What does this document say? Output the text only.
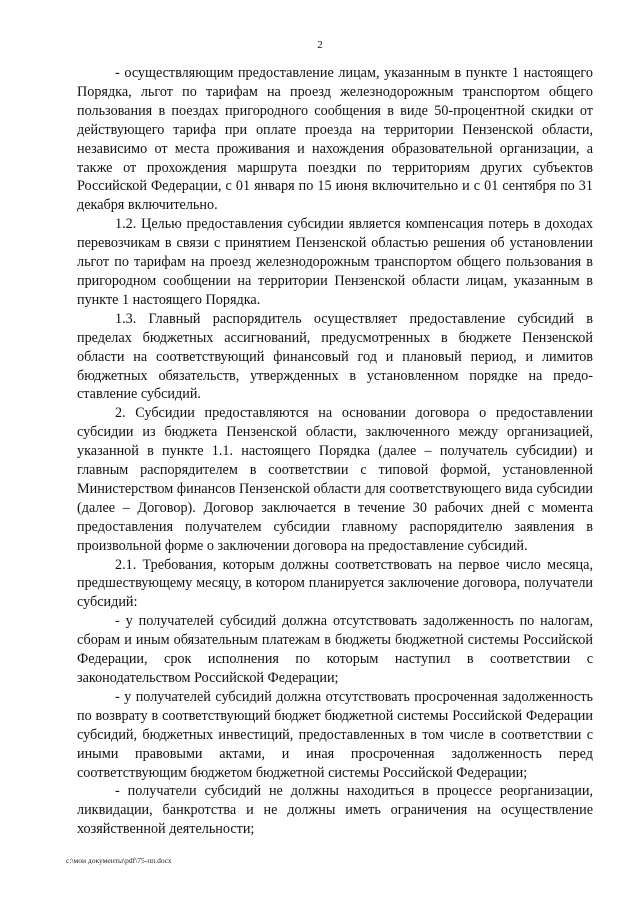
2

- осуществляющим предоставление лицам, указанным в пункте 1 настоящего Порядка, льгот по тарифам на проезд железнодорожным транспортом общего пользования в поездах пригородного сообщения в виде 50-процентной скидки от действующего тарифа при оплате проезда на территории Пензенской области, независимо от места проживания и нахождения образовательной организации, а также от прохождения маршрута поездки по территориям других субъектов Российской Федерации, с 01 января по 15 июня включительно и с 01 сентября по 31 декабря включительно.

1.2. Целью предоставления субсидии является компенсация потерь в доходах перевозчикам в связи с принятием Пензенской областью решения об установлении льгот по тарифам на проезд железнодорожным транспортом общего пользования в пригородном сообщении на территории Пензенской области лицам, указанным в пункте 1 настоящего Порядка.

1.3. Главный распорядитель осуществляет предоставление субсидий в пределах бюджетных ассигнований, предусмотренных в бюджете Пензенской области на соответствующий финансовый год и плановый период, и лимитов бюджетных обязательств, утвержденных в установленном порядке на предоставление субсидий.

2. Субсидии предоставляются на основании договора о предоставлении субсидии из бюджета Пензенской области, заключенного между организацией, указанной в пункте 1.1. настоящего Порядка (далее – получатель субсидии) и главным распорядителем в соответствии с типовой формой, установленной Министерством финансов Пензенской области для соответствующего вида субсидии (далее – Договор). Договор заключается в течение 30 рабочих дней с момента предоставления получателем субсидии главному распорядителю заявления в произвольной форме о заключении договора на предоставление субсидий.

2.1. Требования, которым должны соответствовать на первое число месяца, предшествующему месяцу, в котором планируется заключение договора, получатели субсидий:

- у получателей субсидий должна отсутствовать задолженность по налогам, сборам и иным обязательным платежам в бюджеты бюджетной системы Российской Федерации, срок исполнения по которым наступил в соответствии с законодательством Российской Федерации;

- у получателей субсидий должна отсутствовать просроченная задолженность по возврату в соответствующий бюджет бюджетной системы Российской Федерации субсидий, бюджетных инвестиций, предоставленных в том числе в соответствии с иными правовыми актами, и иная просроченная задолженность перед соответствующим бюджетом бюджетной системы Российской Федерации;

- получатели субсидий не должны находиться в процессе реорганизации, ликвидации, банкротства и не должны иметь ограничения на осуществление хозяйственной деятельности;

c:\мои документы\pdf\75-пп.docx
